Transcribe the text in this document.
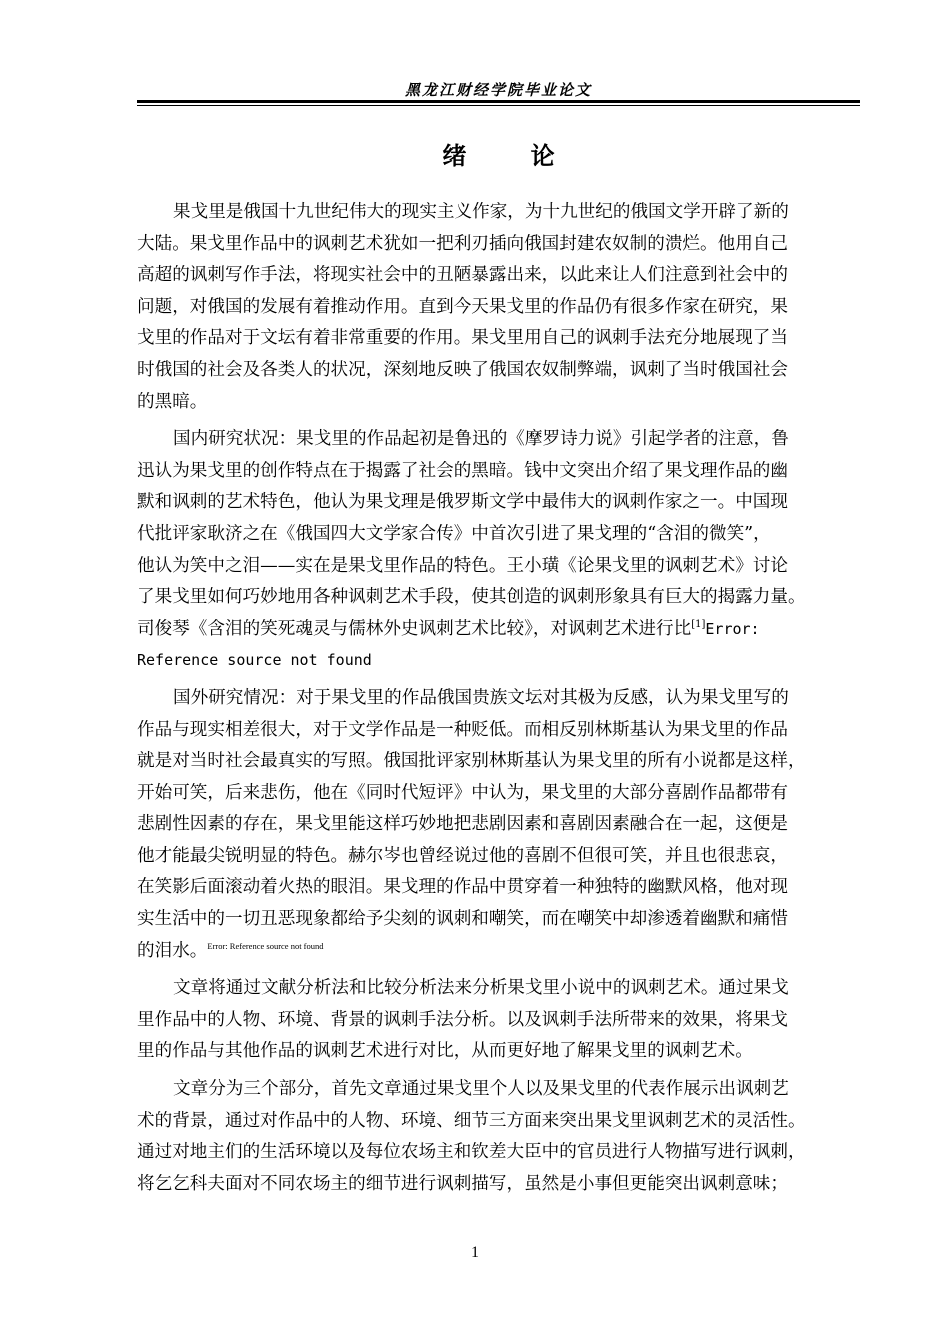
黑龙江财经学院毕业论文
绪 论
果戈里是俄国十九世纪伟大的现实主义作家，为十九世纪的俄国文学开辟了新的
大陆。果戈里作品中的讽刺艺术犹如一把利刃插向俄国封建农奴制的溃烂。他用自己
高超的讽刺写作手法，将现实社会中的丑陋暴露出来，以此来让人们注意到社会中的
问题，对俄国的发展有着推动作用。直到今天果戈里的作品仍有很多作家在研究，果
戈里的作品对于文坛有着非常重要的作用。果戈里用自己的讽刺手法充分地展现了当
时俄国的社会及各类人的状况，深刻地反映了俄国农奴制弊端，讽刺了当时俄国社会
的黑暗。
国内研究状况：果戈里的作品起初是鲁迅的《摩罗诗力说》引起学者的注意，鲁
迅认为果戈里的创作特点在于揭露了社会的黑暗。钱中文突出介绍了果戈理作品的幽
默和讽刺的艺术特色，他认为果戈理是俄罗斯文学中最伟大的讽刺作家之一。中国现
代批评家耿济之在《俄国四大文学家合传》中首次引进了果戈理的“含泪的微笑”，
他认为笑中之泪——实在是果戈里作品的特色。王小璜《论果戈里的讽刺艺术》讨论
了果戈里如何巧妙地用各种讽刺艺术手段，使其创造的讽刺形象具有巨大的揭露力量。
司俊琴《含泪的笑死魂灵与儒林外史讽刺艺术比较》，对讽刺艺术进行比[1]Error:
Reference source not found
国外研究情况：对于果戈里的作品俄国贵族文坛对其极为反感，认为果戈里写的
作品与现实相差很大，对于文学作品是一种贬低。而相反别林斯基认为果戈里的作品
就是对当时社会最真实的写照。俄国批评家别林斯基认为果戈里的所有小说都是这样，
开始可笑，后来悲伤，他在《同时代短评》中认为，果戈里的大部分喜剧作品都带有
悲剧性因素的存在，果戈里能这样巧妙地把悲剧因素和喜剧因素融合在一起，这便是
他才能最尖锐明显的特色。赫尔岑也曾经说过他的喜剧不但很可笑，并且也很悲哀，
在笑影后面滚动着火热的眼泪。果戈理的作品中贯穿着一种独特的幽默风格，他对现
实生活中的一切丑恶现象都给予尖刻的讽刺和嘲笑，而在嘲笑中却渗透着幽默和痛惜
的泪水。$^{Error: Reference source not found}$
文章将通过文献分析法和比较分析法来分析果戈里小说中的讽刺艺术。通过果戈
里作品中的人物、环境、背景的讽刺手法分析。以及讽刺手法所带来的效果，将果戈
里的作品与其他作品的讽刺艺术进行对比，从而更好地了解果戈里的讽刺艺术。
文章分为三个部分，首先文章通过果戈里个人以及果戈里的代表作展示出讽刺艺
术的背景，通过对作品中的人物、环境、细节三方面来突出果戈里讽刺艺术的灵活性。
通过对地主们的生活环境以及每位农场主和钦差大臣中的官员进行人物描写进行讽刺，
将乞乞科夫面对不同农场主的细节进行讽刺描写，虽然是小事但更能突出讽刺意味；
1
